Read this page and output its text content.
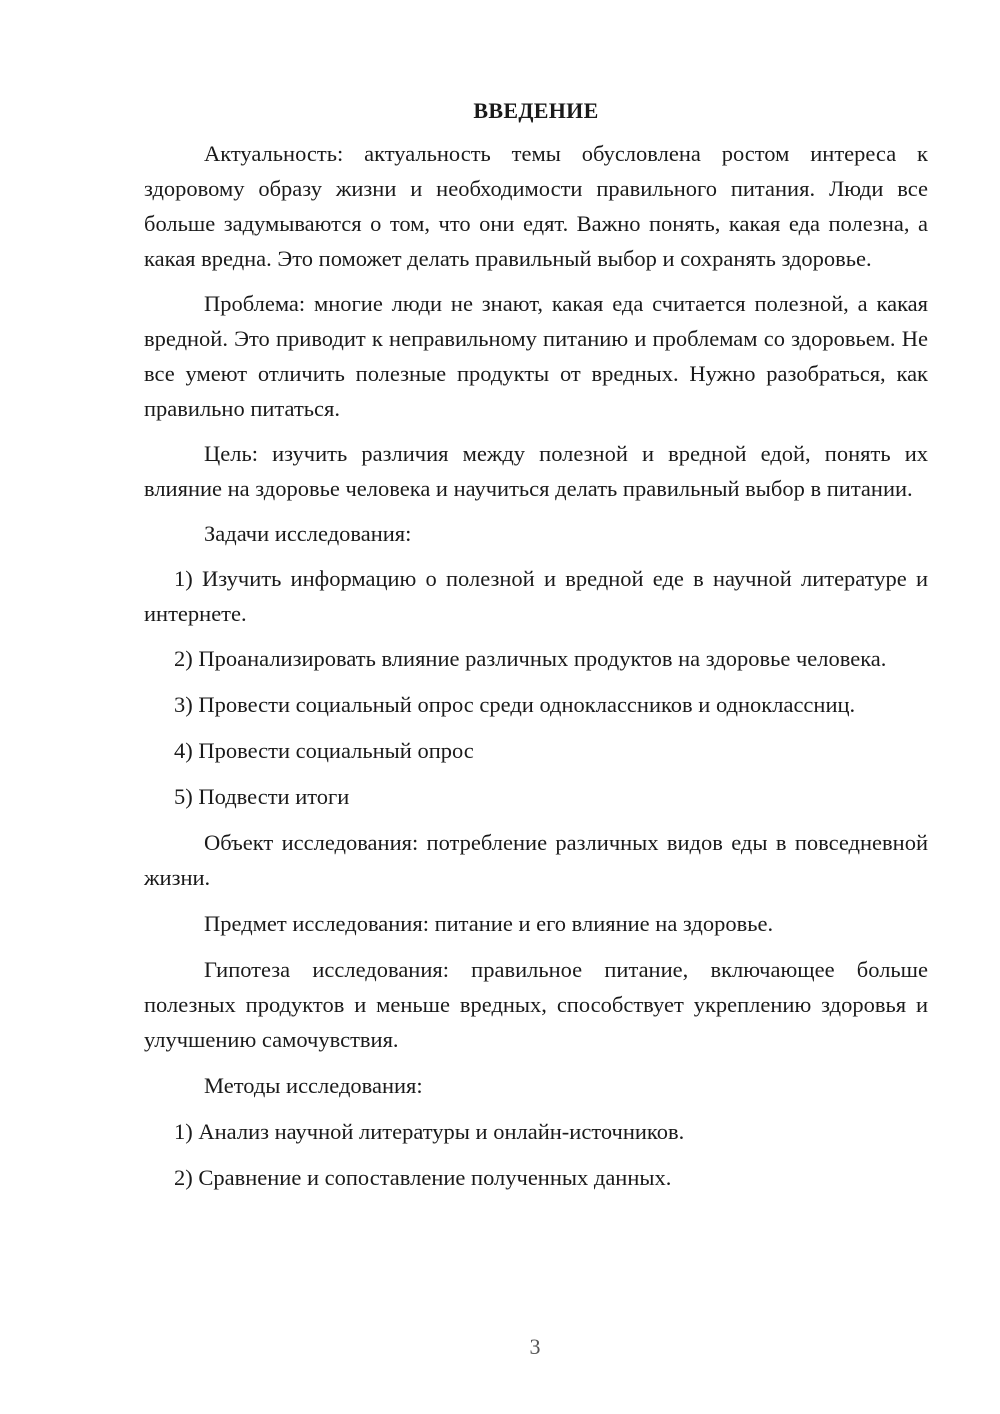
ВВЕДЕНИЕ

Актуальность: актуальность темы обусловлена ростом интереса к здоровому образу жизни и необходимости правильного питания. Люди все больше задумываются о том, что они едят. Важно понять, какая еда полезна, а какая вредна. Это поможет делать правильный выбор и сохранять здоровье.

Проблема: многие люди не знают, какая еда считается полезной, а какая вредной. Это приводит к неправильному питанию и проблемам со здоровьем. Не все умеют отличить полезные продукты от вредных. Нужно разобраться, как правильно питаться.

Цель: изучить различия между полезной и вредной едой, понять их влияние на здоровье человека и научиться делать правильный выбор в питании.

Задачи исследования:

1) Изучить информацию о полезной и вредной еде в научной литературе и интернете.

2) Проанализировать влияние различных продуктов на здоровье человека.

3) Провести социальный опрос среди одноклассников и одноклассниц.

4) Провести социальный опрос

5) Подвести итоги

Объект исследования: потребление различных видов еды в повседневной жизни.

Предмет исследования: питание и его влияние на здоровье.

Гипотеза исследования: правильное питание, включающее больше полезных продуктов и меньше вредных, способствует укреплению здоровья и улучшению самочувствия.

Методы исследования:

1) Анализ научной литературы и онлайн-источников.

2) Сравнение и сопоставление полученных данных.

3
